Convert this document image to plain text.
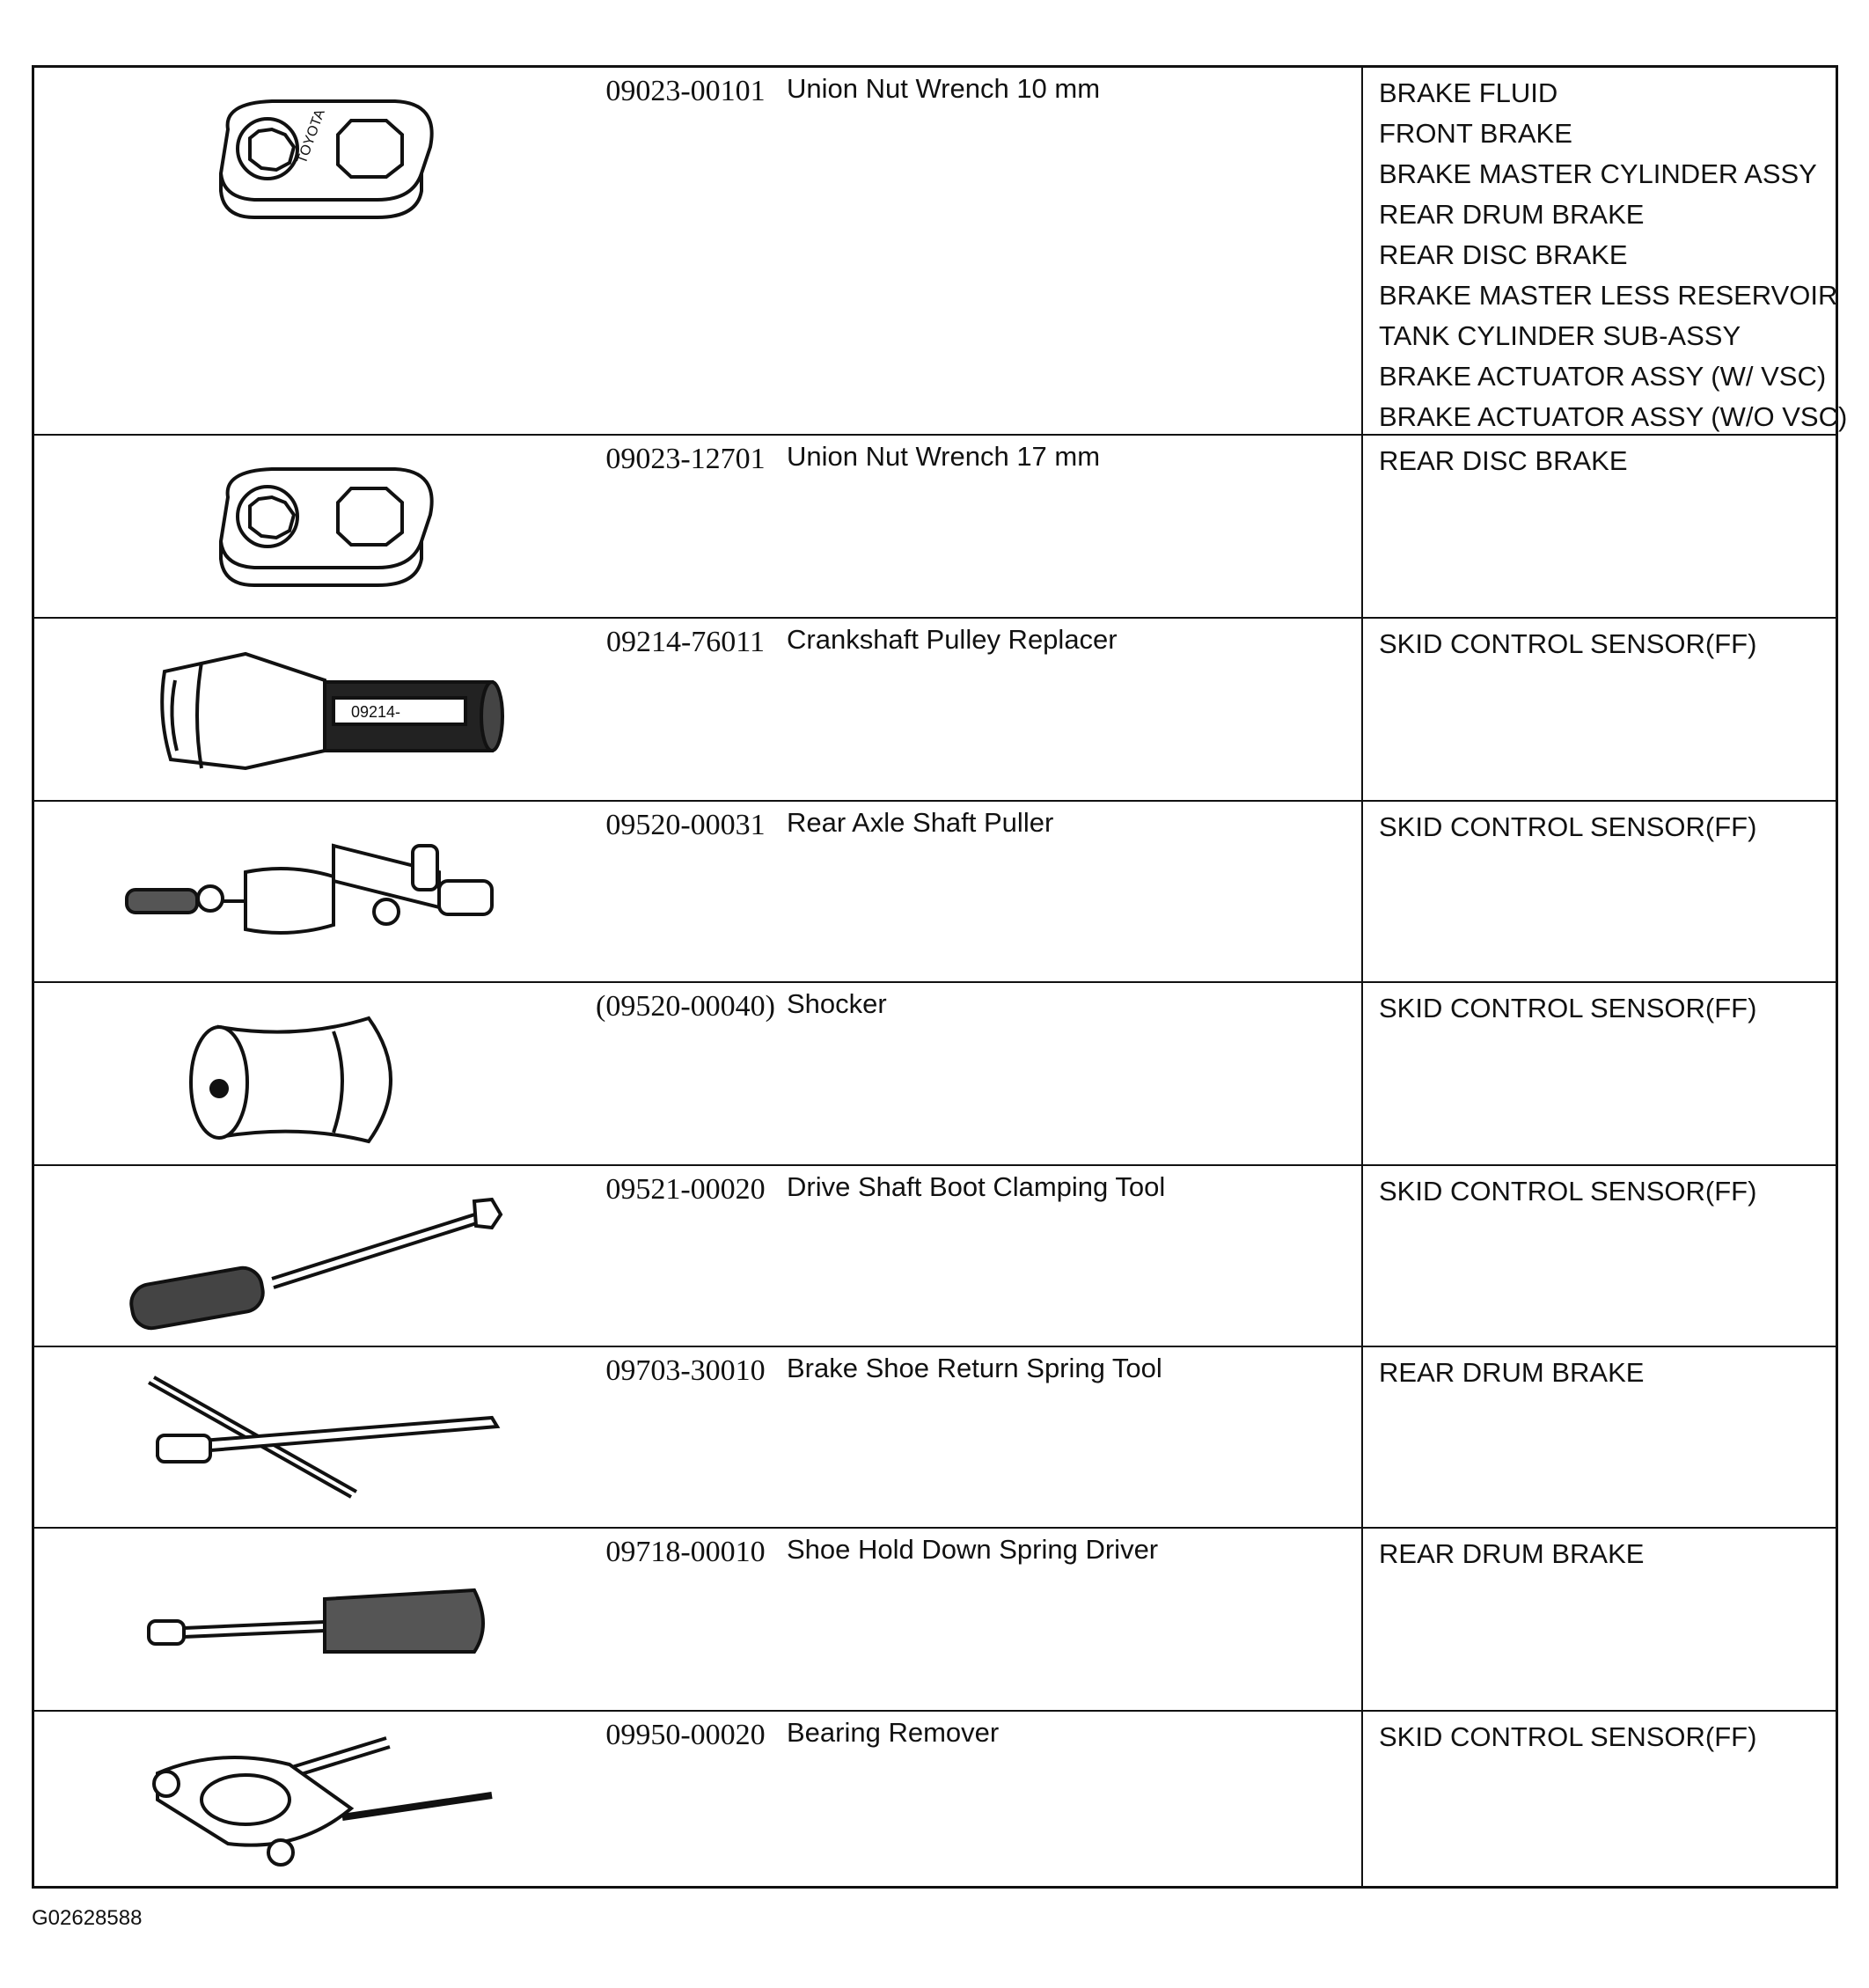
TOYOTA
09023-00101 Union Nut Wrench 10 mm	BRAKE FLUID
FRONT BRAKE
BRAKE MASTER CYLINDER ASSY
REAR DRUM BRAKE
REAR DISC BRAKE
BRAKE MASTER LESS RESERVOIR
TANK CYLINDER SUB-ASSY
BRAKE ACTUATOR ASSY (W/ VSC)
BRAKE ACTUATOR ASSY (W/O VSC)
09023-12701 Union Nut Wrench 17 mm	REAR DISC BRAKE
09214-
09214-76011 Crankshaft Pulley Replacer	SKID CONTROL SENSOR(FF)
09520-00031 Rear Axle Shaft Puller	SKID CONTROL SENSOR(FF)
(09520-00040) Shocker	SKID CONTROL SENSOR(FF)
09521-00020 Drive Shaft Boot Clamping Tool	SKID CONTROL SENSOR(FF)
09703-30010 Brake Shoe Return Spring Tool	REAR DRUM BRAKE
09718-00010 Shoe Hold Down Spring Driver	REAR DRUM BRAKE
09950-00020 Bearing Remover	SKID CONTROL SENSOR(FF)
G02628588
